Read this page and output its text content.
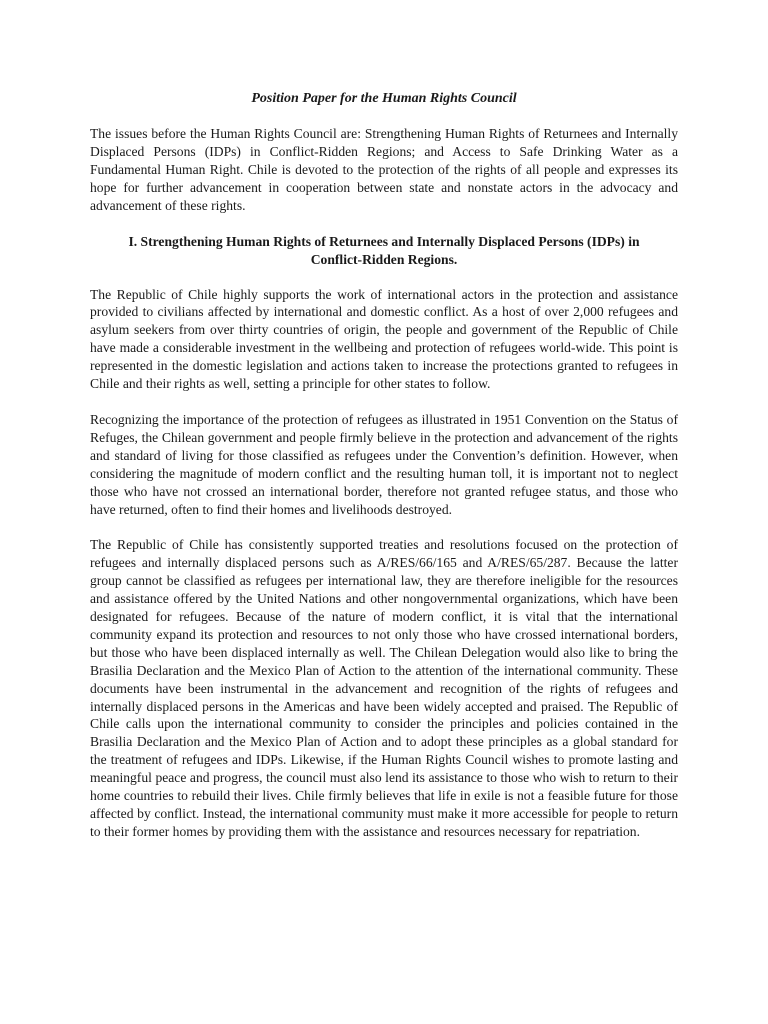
Position Paper for the Human Rights Council

The issues before the Human Rights Council are: Strengthening Human Rights of Returnees and Internally Displaced Persons (IDPs) in Conflict-Ridden Regions; and Access to Safe Drinking Water as a Fundamental Human Right. Chile is devoted to the protection of the rights of all people and expresses its hope for further advancement in cooperation between state and nonstate actors in the advocacy and advancement of these rights.

I. Strengthening Human Rights of Returnees and Internally Displaced Persons (IDPs) in
Conflict-Ridden Regions.

The Republic of Chile highly supports the work of international actors in the protection and assistance provided to civilians affected by international and domestic conflict. As a host of over 2,000 refugees and asylum seekers from over thirty countries of origin, the people and government of the Republic of Chile have made a considerable investment in the wellbeing and protection of refugees world-wide. This point is represented in the domestic legislation and actions taken to increase the protections granted to refugees in Chile and their rights as well, setting a principle for other states to follow.

Recognizing the importance of the protection of refugees as illustrated in 1951 Convention on the Status of Refuges, the Chilean government and people firmly believe in the protection and advancement of the rights and standard of living for those classified as refugees under the Convention’s definition. However, when considering the magnitude of modern conflict and the resulting human toll, it is important not to neglect those who have not crossed an international border, therefore not granted refugee status, and those who have returned, often to find their homes and livelihoods destroyed.

The Republic of Chile has consistently supported treaties and resolutions focused on the protection of refugees and internally displaced persons such as A/RES/66/165 and A/RES/65/287. Because the latter group cannot be classified as refugees per international law, they are therefore ineligible for the resources and assistance offered by the United Nations and other nongovernmental organizations, which have been designated for refugees. Because of the nature of modern conflict, it is vital that the international community expand its protection and resources to not only those who have crossed international borders, but those who have been displaced internally as well. The Chilean Delegation would also like to bring the Brasilia Declaration and the Mexico Plan of Action to the attention of the international community. These documents have been instrumental in the advancement and recognition of the rights of refugees and internally displaced persons in the Americas and have been widely accepted and praised. The Republic of Chile calls upon the international community to consider the principles and policies contained in the Brasilia Declaration and the Mexico Plan of Action and to adopt these principles as a global standard for the treatment of refugees and IDPs. Likewise, if the Human Rights Council wishes to promote lasting and meaningful peace and progress, the council must also lend its assistance to those who wish to return to their home countries to rebuild their lives. Chile firmly believes that life in exile is not a feasible future for those affected by conflict. Instead, the international community must make it more accessible for people to return to their former homes by providing them with the assistance and resources necessary for repatriation.
